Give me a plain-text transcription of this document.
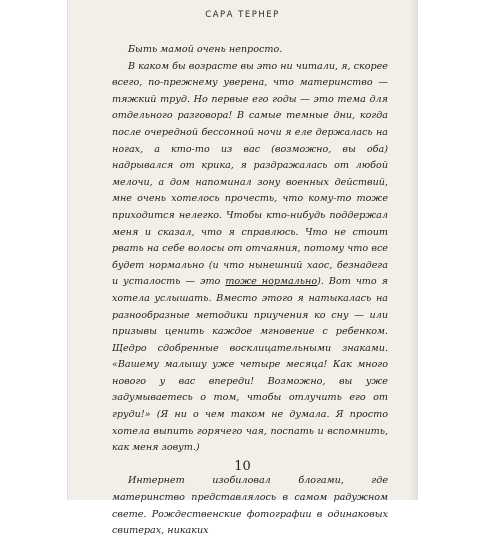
САРА ТЕРНЕР

Быть мамой очень непросто.

В каком бы возрасте вы это ни читали, я, скорее всего, по-прежнему уверена, что материнство — тяжкий труд. Но первые его годы — это тема для отдельного разговора! В самые темные дни, когда после очередной бессонной ночи я еле держалась на ногах, а кто-то из вас (возможно, вы оба) надрывался от крика, я раздражалась от любой мелочи, а дом напоминал зону военных действий, мне очень хотелось прочесть, что кому-то тоже приходится нелегко. Чтобы кто-нибудь поддержал меня и сказал, что я справлюсь. Что не стоит рвать на себе волосы от отчаяния, потому что все будет нормально (и что нынешний хаос, безнадега и усталость — это тоже нормально). Вот что я хотела услышать. Вместо этого я натыкалась на разнообразные методики приучения ко сну — или призывы ценить каждое мгновение с ребенком. Щедро сдобренные восклицательными знаками. «Вашему малышу уже четыре месяца! Как много нового у вас впереди! Возможно, вы уже задумываетесь о том, чтобы отлучить его от груди!» (Я ни о чем таком не думала. Я просто хотела выпить горячего чая, поспать и вспомнить, как меня зовут.)

Интернет изобиловал блогами, где материнство представлялось в самом радужном свете. Рождественские фотографии в одинаковых свитерах, никаких

10
